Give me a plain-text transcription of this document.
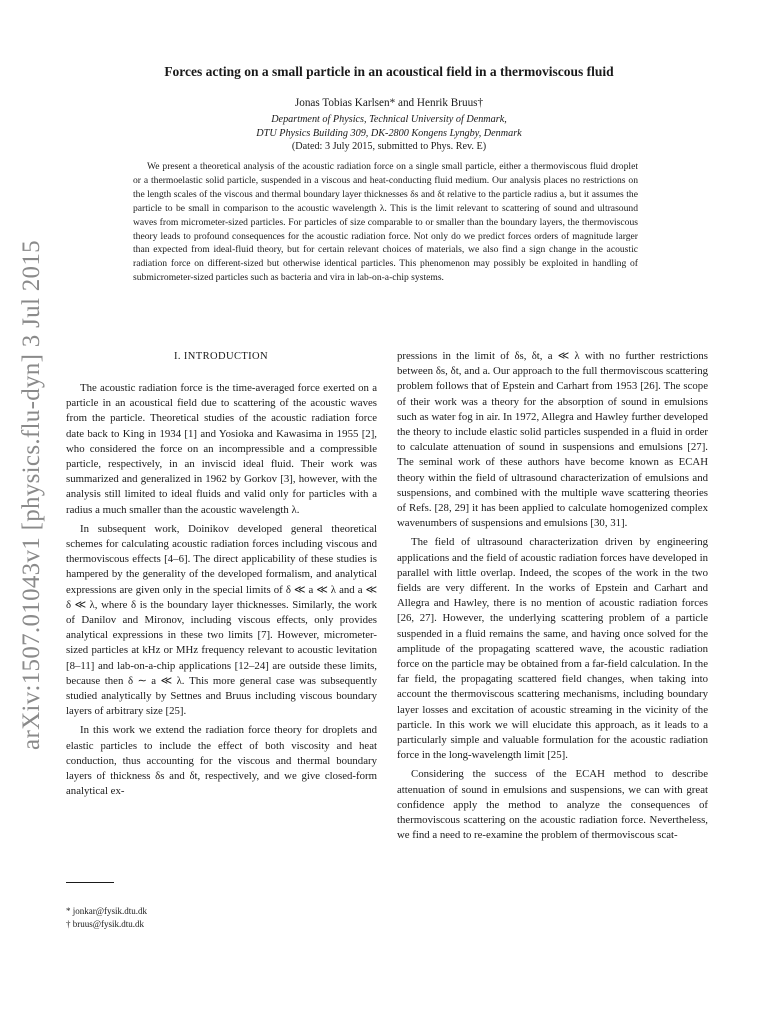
arXiv:1507.01043v1 [physics.flu-dyn] 3 Jul 2015
Forces acting on a small particle in an acoustical field in a thermoviscous fluid
Jonas Tobias Karlsen* and Henrik Bruus†
Department of Physics, Technical University of Denmark,
DTU Physics Building 309, DK-2800 Kongens Lyngby, Denmark
(Dated: 3 July 2015, submitted to Phys. Rev. E)
We present a theoretical analysis of the acoustic radiation force on a single small particle, either a thermoviscous fluid droplet or a thermoelastic solid particle, suspended in a viscous and heat-conducting fluid medium. Our analysis places no restrictions on the length scales of the viscous and thermal boundary layer thicknesses δs and δt relative to the particle radius a, but it assumes the particle to be small in comparison to the acoustic wavelength λ. This is the limit relevant to scattering of sound and ultrasound waves from micrometer-sized particles. For particles of size comparable to or smaller than the boundary layers, the thermoviscous theory leads to profound consequences for the acoustic radiation force. Not only do we predict forces orders of magnitude larger than expected from ideal-fluid theory, but for certain relevant choices of materials, we also find a sign change in the acoustic radiation force on different-sized but otherwise identical particles. This phenomenon may possibly be exploited in handling of submicrometer-sized particles such as bacteria and vira in lab-on-a-chip systems.
I. INTRODUCTION

The acoustic radiation force is the time-averaged force exerted on a particle in an acoustical field due to scattering of the acoustic waves from the particle. Theoretical studies of the acoustic radiation force date back to King in 1934 [1] and Yosioka and Kawasima in 1955 [2], who considered the force on an incompressible and a compressible particle, respectively, in an inviscid ideal fluid. Their work was summarized and generalized in 1962 by Gorkov [3], however, with the analysis still limited to ideal fluids and valid only for particles with a radius a much smaller than the acoustic wavelength λ.

In subsequent work, Doinikov developed general theoretical schemes for calculating acoustic radiation forces including viscous and thermoviscous effects [4–6]. The direct applicability of these studies is hampered by the generality of the developed formalism, and analytical expressions are given only in the special limits of δ ≪ a ≪ λ and a ≪ δ ≪ λ, where δ is the boundary layer thicknesses. Similarly, the work of Danilov and Mironov, including viscous effects, only provides analytical expressions in these two limits [7]. However, micrometer-sized particles at kHz or MHz frequency relevant to acoustic levitation [8–11] and lab-on-a-chip applications [12–24] are outside these limits, because then δ ∼ a ≪ λ. This more general case was subsequently studied analytically by Settnes and Bruus including viscous boundary layers of arbitrary size [25].

In this work we extend the radiation force theory for droplets and elastic particles to include the effect of both viscosity and heat conduction, thus accounting for the viscous and thermal boundary layers of thickness δs and δt, respectively, and we give closed-form analytical ex-

pressions in the limit of δs, δt, a ≪ λ with no further restrictions between δs, δt, and a. Our approach to the full thermoviscous scattering problem follows that of Epstein and Carhart from 1953 [26]. The scope of their work was a theory for the absorption of sound in emulsions such as water fog in air. In 1972, Allegra and Hawley further developed the theory to include elastic solid particles suspended in a fluid in order to calculate attenuation of sound in suspensions and emulsions [27]. The seminal work of these authors have become known as ECAH theory within the field of ultrasound characterization of emulsions and suspensions, and combined with the multiple wave scattering theories of Refs. [28, 29] it has been applied to calculate homogenized complex wavenumbers of suspensions and emulsions [30, 31].

The field of ultrasound characterization driven by engineering applications and the field of acoustic radiation forces have developed in parallel with little overlap. Indeed, the scopes of the work in the two fields are very different. In the works of Epstein and Carhart and Allegra and Hawley, there is no mention of acoustic radiation forces [26, 27]. However, the underlying scattering problem of a particle suspended in a fluid remains the same, and having once solved for the amplitude of the propagating scattered wave, the acoustic radiation force on the particle may be obtained from a far-field calculation. In the far field, the propagating scattered field changes, when taking into account the thermoviscous scattering mechanisms, including boundary layer losses and excitation of acoustic streaming in the vicinity of the particle. In this work we will elucidate this approach, as it leads to a particularly simple and valuable formulation for the acoustic radiation force in the long-wavelength limit [25].

Considering the success of the ECAH method to describe attenuation of sound in emulsions and suspensions, we can with great confidence apply the method to analyze the consequences of thermoviscous scattering on the acoustic radiation force. Nevertheless, we find a need to re-examine the problem of thermoviscous scat-

* jonkar@fysik.dtu.dk
† bruus@fysik.dtu.dk
